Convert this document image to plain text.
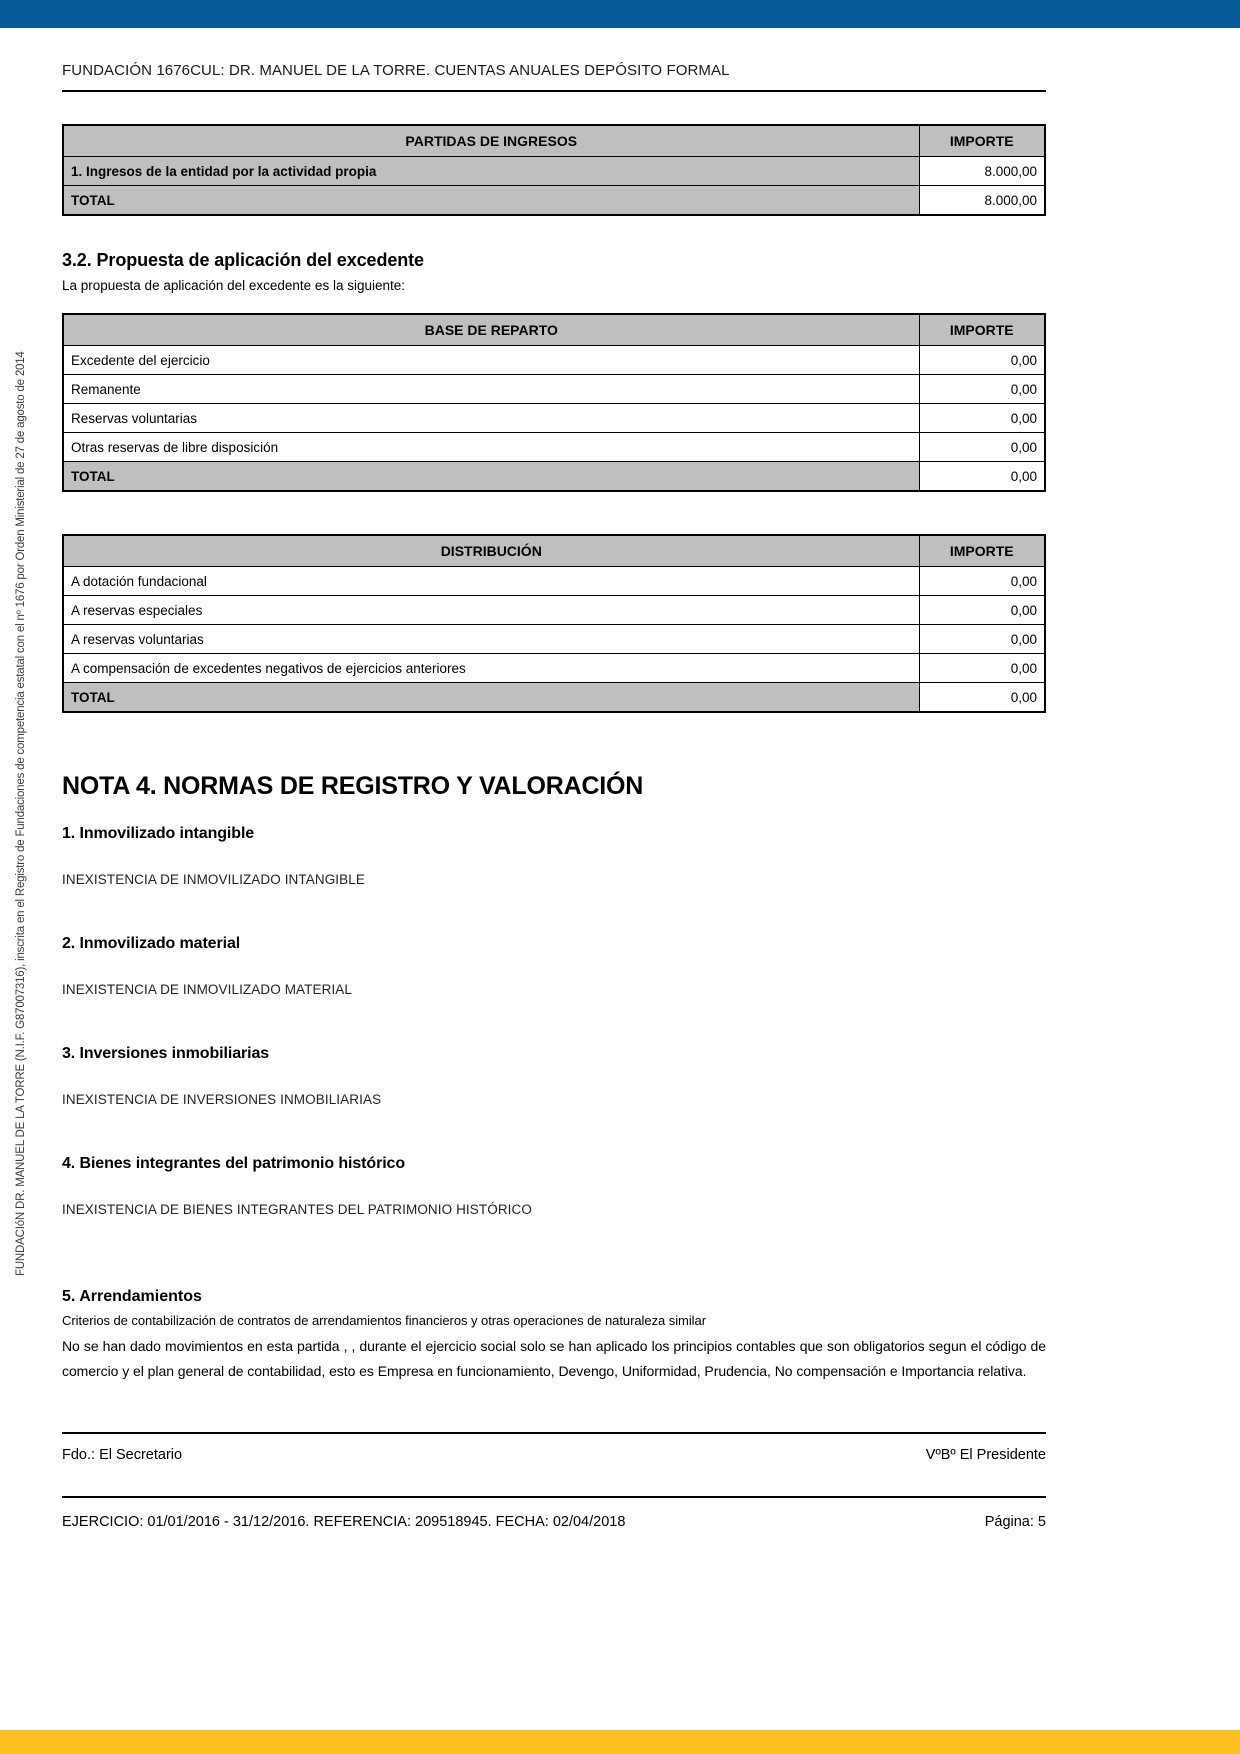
FUNDACIóN DR. MANUEL DE LA TORRE (N.I.F. G87007316), inscrita en el Registro de Fundaciones de competencia estatal con el nº 1676 por Orden Ministerial de 27 de agosto de 2014
FUNDACIÓN 1676CUL: DR. MANUEL DE LA TORRE. CUENTAS ANUALES DEPÓSITO FORMAL
PARTIDAS DE INGRESOS	IMPORTE
1. Ingresos de la entidad por la actividad propia	8.000,00
TOTAL	8.000,00
3.2. Propuesta de aplicación del excedente
La propuesta de aplicación del excedente es la siguiente:
BASE DE REPARTO	IMPORTE
Excedente del ejercicio	0,00
Remanente	0,00
Reservas voluntarias	0,00
Otras reservas de libre disposición	0,00
TOTAL	0,00
DISTRIBUCIÓN	IMPORTE
A dotación fundacional	0,00
A reservas especiales	0,00
A reservas voluntarias	0,00
A compensación de excedentes negativos de ejercicios anteriores	0,00
TOTAL	0,00
NOTA 4. NORMAS DE REGISTRO Y VALORACIÓN
1. Inmovilizado intangible
INEXISTENCIA DE INMOVILIZADO INTANGIBLE
2. Inmovilizado material
INEXISTENCIA DE INMOVILIZADO MATERIAL
3. Inversiones inmobiliarias
INEXISTENCIA DE INVERSIONES INMOBILIARIAS
4. Bienes integrantes del patrimonio histórico
INEXISTENCIA DE BIENES INTEGRANTES DEL PATRIMONIO HISTÓRICO
5. Arrendamientos
Criterios de contabilización de contratos de arrendamientos financieros y otras operaciones de naturaleza similar
No se han dado movimientos en esta partida , , durante el ejercicio social solo se han aplicado los principios contables que son obligatorios segun el código de comercio y el plan general de contabilidad, esto es Empresa en funcionamiento, Devengo, Uniformidad, Prudencia, No compensación e Importancia relativa.
Fdo.: El Secretario	VºBº El Presidente
EJERCICIO: 01/01/2016 - 31/12/2016. REFERENCIA: 209518945. FECHA: 02/04/2018	Página: 5
